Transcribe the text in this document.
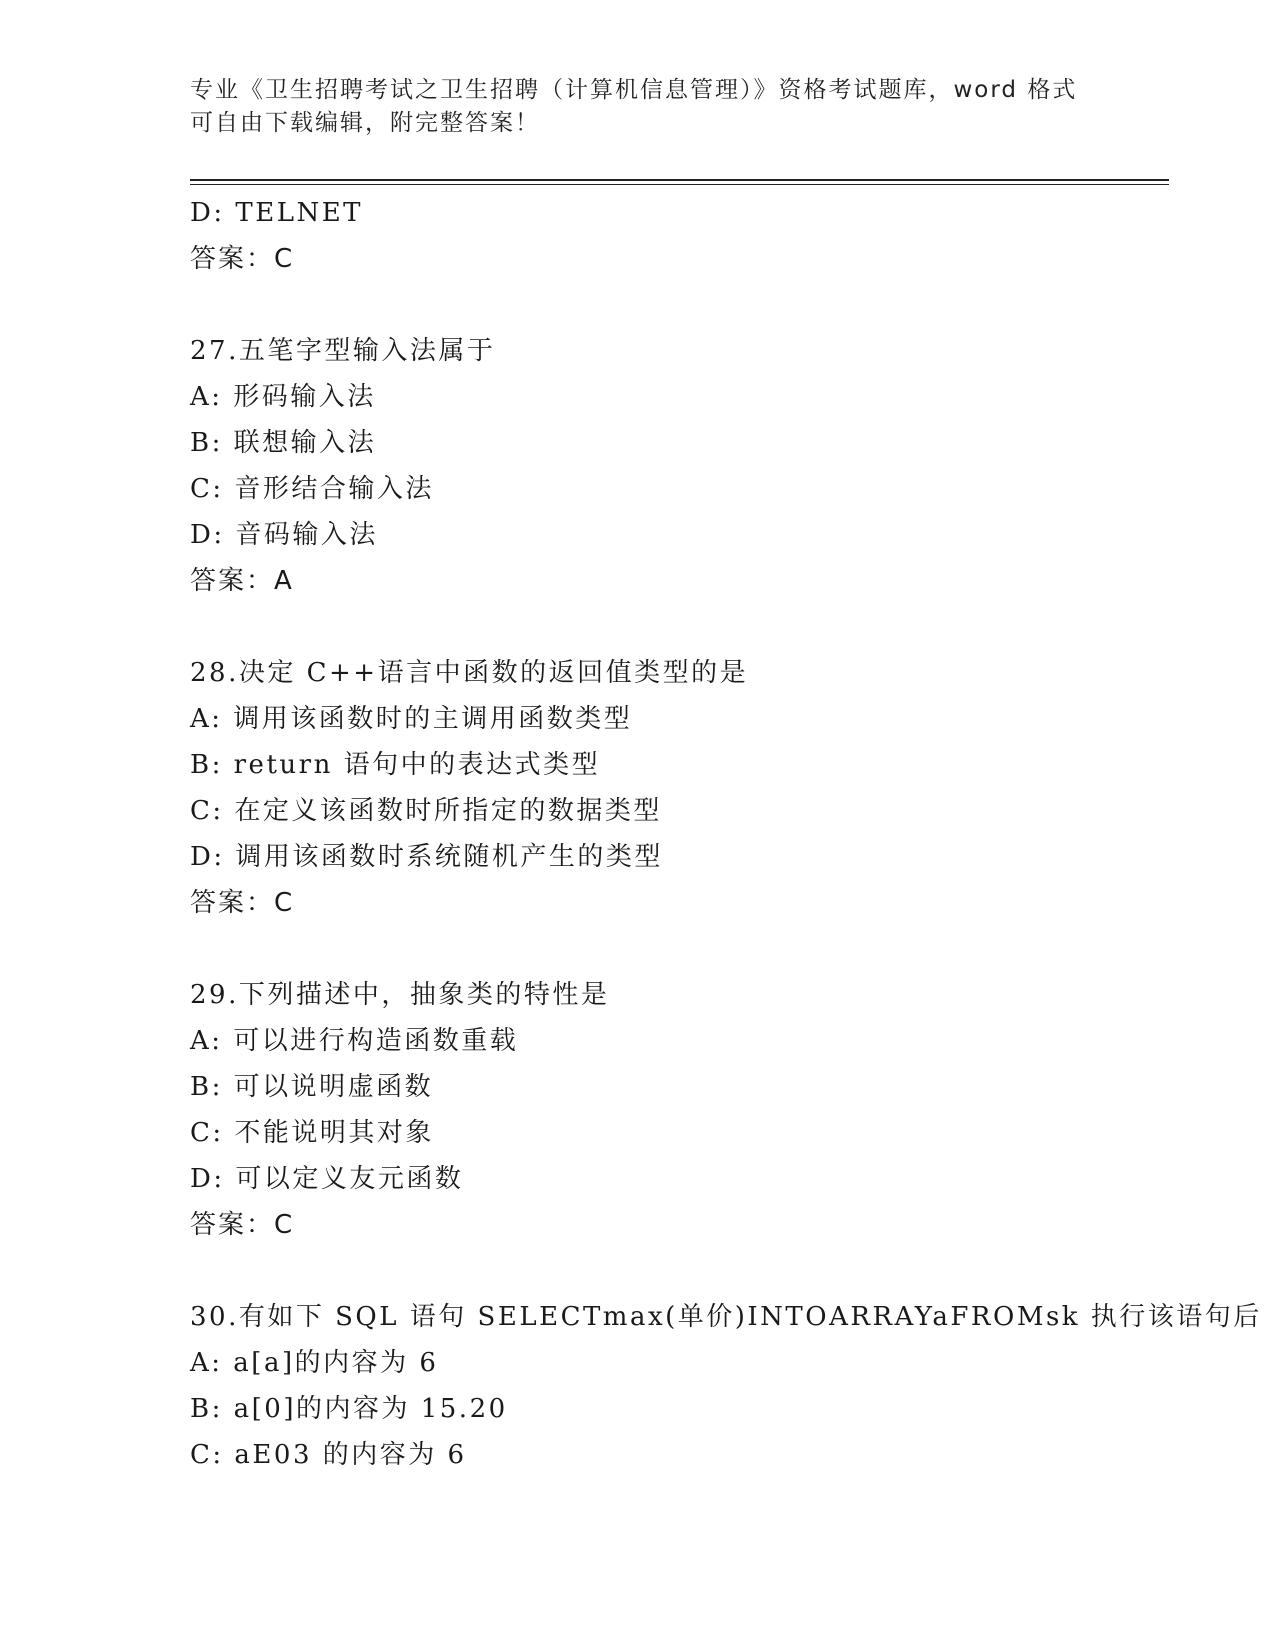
专业《卫生招聘考试之卫生招聘（计算机信息管理）》资格考试题库，word 格式
可自由下载编辑，附完整答案！
D: TELNET
答案：C
27.五笔字型输入法属于
A: 形码输入法
B: 联想输入法
C: 音形结合输入法
D: 音码输入法
答案：A
28.决定 C++语言中函数的返回值类型的是
A: 调用该函数时的主调用函数类型
B: return 语句中的表达式类型
C: 在定义该函数时所指定的数据类型
D: 调用该函数时系统随机产生的类型
答案：C
29.下列描述中，抽象类的特性是
A: 可以进行构造函数重载
B: 可以说明虚函数
C: 不能说明其对象
D: 可以定义友元函数
答案：C
30.有如下 SQL 语句 SELECTmax(单价)INTOARRAYaFROMsk 执行该语句后
A: a[a]的内容为 6
B: a[0]的内容为 15.20
C: aE03 的内容为 6
